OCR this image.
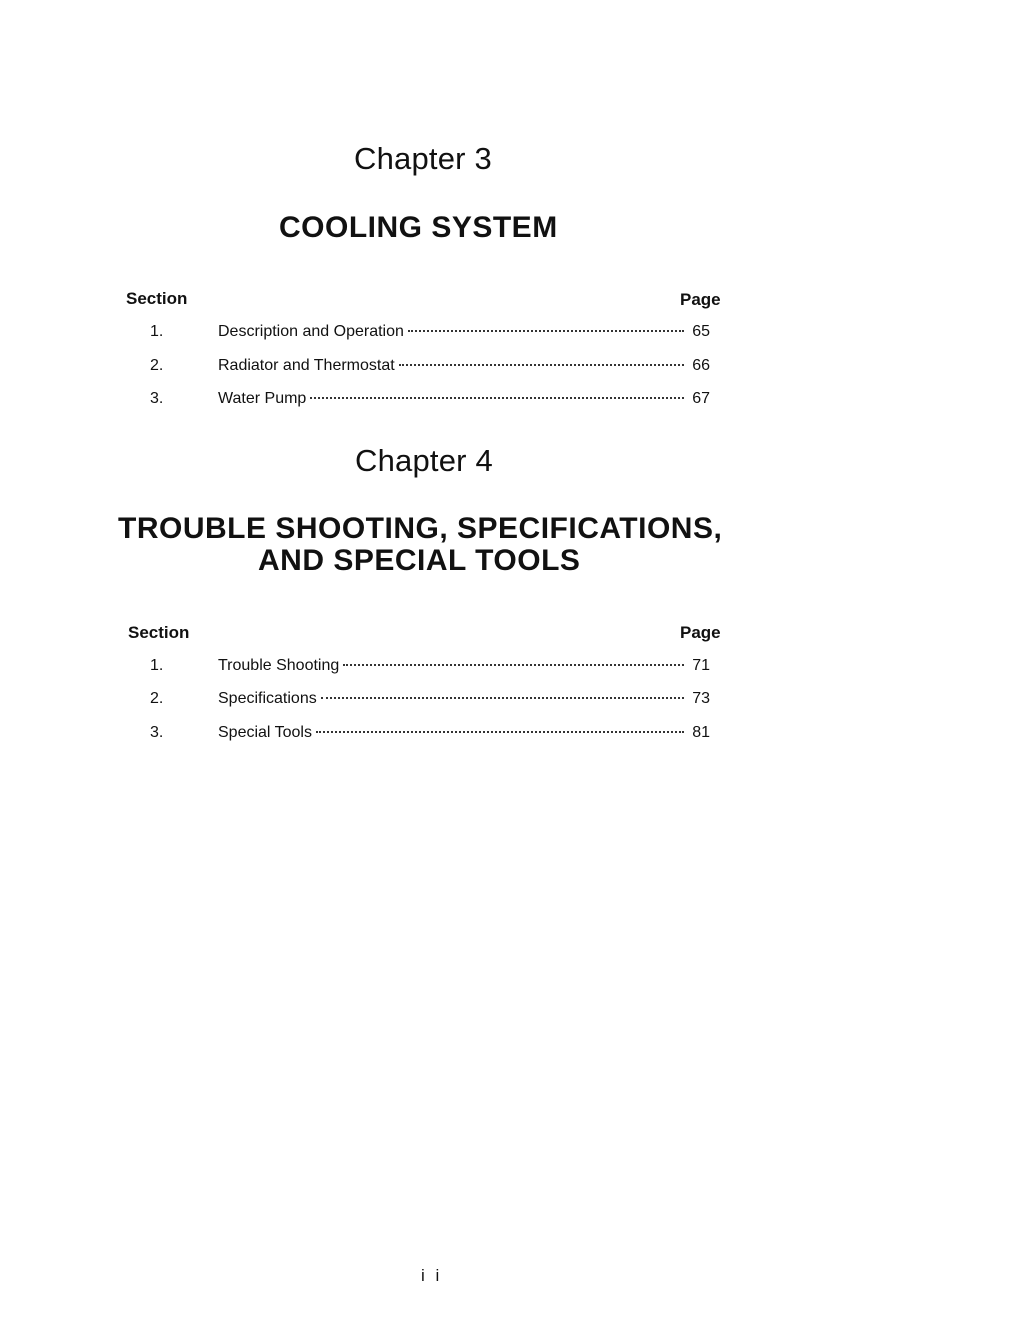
Chapter 3
COOLING SYSTEM
Section	Page
1.	Description and Operation	65
2.	Radiator and Thermostat	66
3.	Water Pump	67
Chapter 4
TROUBLE SHOOTING, SPECIFICATIONS,
AND SPECIAL TOOLS
Section	Page
1.	Trouble Shooting	71
2.	Specifications	73
3.	Special Tools	81
i i
